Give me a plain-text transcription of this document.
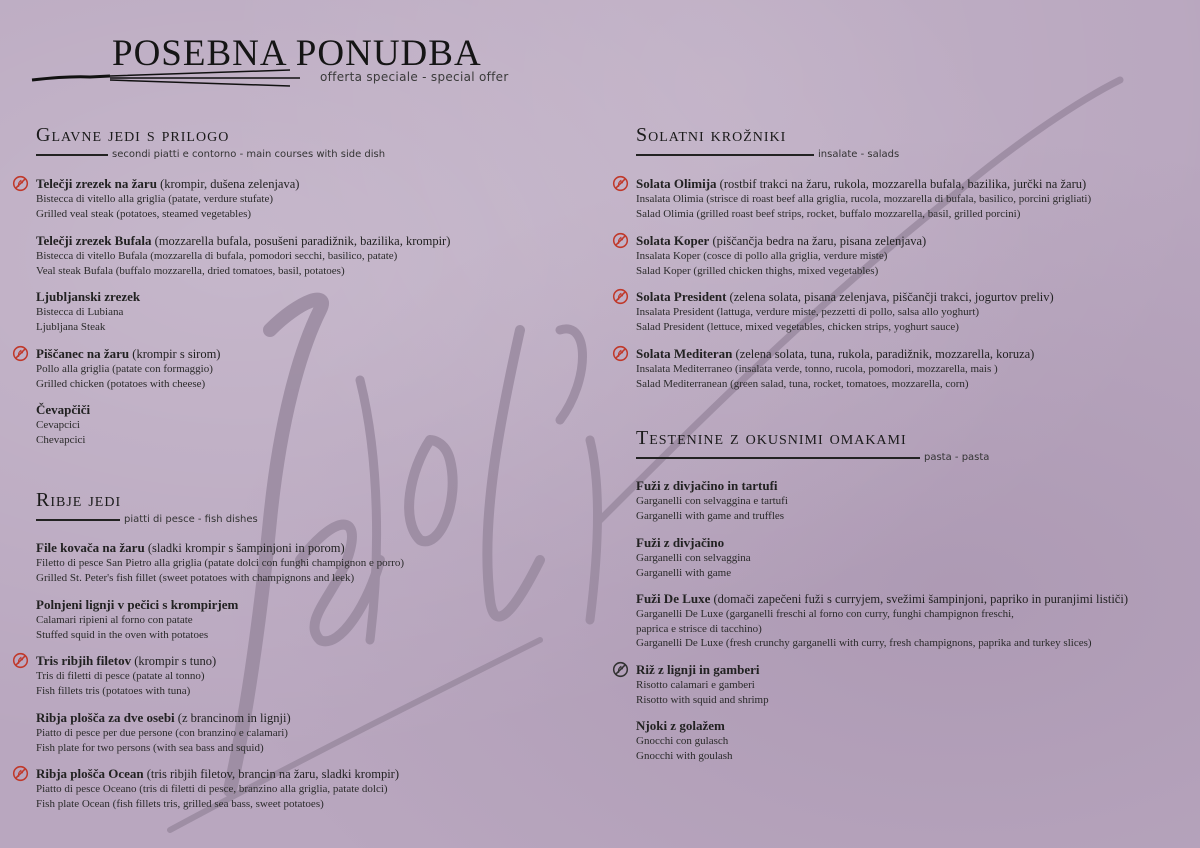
POSEBNA PONUDBA
offerta speciale - special offer
Glavne jedi s prilogo
secondi piatti e contorno - main courses with side dish
Ribje jedi
piatti di pesce - fish dishes
Solatni krožniki
insalate - salads
Testenine z okusnimi omakami
pasta - pasta
Telečji zrezek na žaru (krompir, dušena zelenjava)
Bistecca di vitello alla griglia (patate, verdure stufate)
Grilled veal steak (potatoes, steamed vegetables)
Telečji zrezek Bufala (mozzarella bufala, posušeni paradižnik, bazilika, krompir)
Bistecca di vitello Bufala (mozzarella di bufala, pomodori secchi, basilico, patate)
Veal steak Bufala (buffalo mozzarella, dried tomatoes, basil, potatoes)
Ljubljanski zrezek
Bistecca di Lubiana
Ljubljana Steak
Piščanec na žaru (krompir s sirom)
Pollo alla griglia (patate con formaggio)
Grilled chicken (potatoes with cheese)
Čevapčiči
Cevapcici
Chevapcici
File kovača na žaru (sladki krompir s šampinjoni in porom)
Filetto di pesce San Pietro alla griglia (patate dolci con funghi champignon e porro)
Grilled St. Peter's fish fillet (sweet potatoes with champignons and leek)
Polnjeni lignji v pečici s krompirjem
Calamari ripieni al forno con patate
Stuffed squid in the oven with potatoes
Tris ribjih filetov (krompir s tuno)
Tris di filetti di pesce (patate al tonno)
Fish fillets tris (potatoes with tuna)
Ribja plošča za dve osebi (z brancinom in lignji)
Piatto di pesce per due persone (con branzino e calamari)
Fish plate for two persons (with sea bass and squid)
Ribja plošča Ocean (tris ribjih filetov, brancin na žaru, sladki krompir)
Piatto di pesce Oceano (tris di filetti di pesce, branzino alla griglia, patate dolci)
Fish plate Ocean (fish fillets tris, grilled sea bass, sweet potatoes)
Solata Olimija (rostbif trakci na žaru, rukola, mozzarella bufala, bazilika, jurčki na žaru)
Insalata Olimia (strisce di roast beef alla griglia, rucola, mozzarella di bufala, basilico, porcini grigliati)
Salad Olimia (grilled roast beef strips, rocket, buffalo mozzarella, basil, grilled porcini)
Solata Koper (piščančja bedra na žaru, pisana zelenjava)
Insalata Koper (cosce di pollo alla griglia, verdure miste)
Salad Koper (grilled chicken thighs, mixed vegetables)
Solata President (zelena solata, pisana zelenjava, piščančji trakci, jogurtov preliv)
Insalata President (lattuga, verdure miste, pezzetti di pollo, salsa allo yoghurt)
Salad President (lettuce, mixed vegetables, chicken strips, yoghurt sauce)
Solata Mediteran (zelena solata, tuna, rukola, paradižnik, mozzarella, koruza)
Insalata Mediterraneo (insalata verde, tonno, rucola, pomodori, mozzarella, mais )
Salad Mediterranean (green salad, tuna, rocket, tomatoes, mozzarella, corn)
Fuži z divjačino in tartufi
Garganelli con selvaggina e tartufi
Garganelli with game and truffles
Fuži z divjačino
Garganelli con selvaggina
Garganelli with game
Fuži De Luxe (domači zapečeni fuži s curryjem, svežimi šampinjoni, papriko in puranjimi lističi)
Garganelli De Luxe (garganelli freschi al forno con curry, funghi champignon freschi,
paprica e strisce di tacchino)
Garganelli De Luxe (fresh crunchy garganelli with curry, fresh champignons, paprika and turkey slices)
Riž z lignji in gamberi
Risotto calamari e gamberi
Risotto with squid and shrimp
Njoki z golažem
Gnocchi con gulasch
Gnocchi with goulash
